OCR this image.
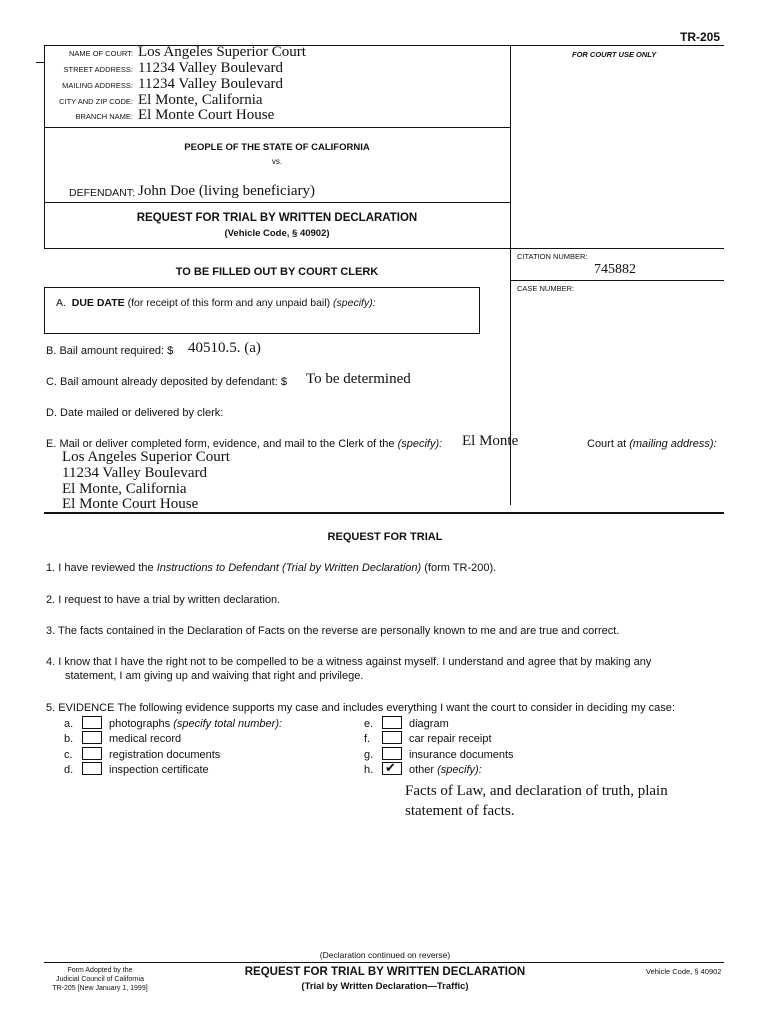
TR-205
FOR COURT USE ONLY
NAME OF COURT: Los Angeles Superior Court
STREET ADDRESS: 11234 Valley Boulevard
MAILING ADDRESS: 11234 Valley Boulevard
CITY AND ZIP CODE: El Monte, California
BRANCH NAME: El Monte Court House
PEOPLE OF THE STATE OF CALIFORNIA
vs.
DEFENDANT: John Doe (living beneficiary)
REQUEST FOR TRIAL BY WRITTEN DECLARATION
(Vehicle Code, § 40902)
CITATION NUMBER:
745882
CASE NUMBER:
TO BE FILLED OUT BY COURT CLERK
A. DUE DATE (for receipt of this form and any unpaid bail) (specify):
B. Bail amount required: $ 40510.5. (a)
C. Bail amount already deposited by defendant: $ To be determined
D. Date mailed or delivered by clerk:
E. Mail or deliver completed form, evidence, and mail to the Clerk of the (specify): El Monte	Court at (mailing address):
Los Angeles Superior Court
11234 Valley Boulevard
El Monte, California
El Monte Court House
REQUEST FOR TRIAL
1. I have reviewed the Instructions to Defendant (Trial by Written Declaration) (form TR-200).
2. I request to have a trial by written declaration.
3. The facts contained in the Declaration of Facts on the reverse are personally known to me and are true and correct.
4. I know that I have the right not to be compelled to be a witness against myself. I understand and agree that by making any
statement, I am giving up and waiving that right and privilege.
5. EVIDENCE The following evidence supports my case and includes everything I want the court to consider in deciding my case:
a.	photographs (specify total number):
b.	medical record
c.	registration documents
d.	inspection certificate
e.	diagram
f.	car repair receipt
g.	insurance documents
h. ✔ other (specify):
Facts of Law, and declaration of truth, plain
statement of facts.
(Declaration continued on reverse)
Form Adopted by the
Judicial Council of California
TR-205 [New January 1, 1999]
REQUEST FOR TRIAL BY WRITTEN DECLARATION
(Trial by Written Declaration—Traffic)
Vehicle Code, § 40902
